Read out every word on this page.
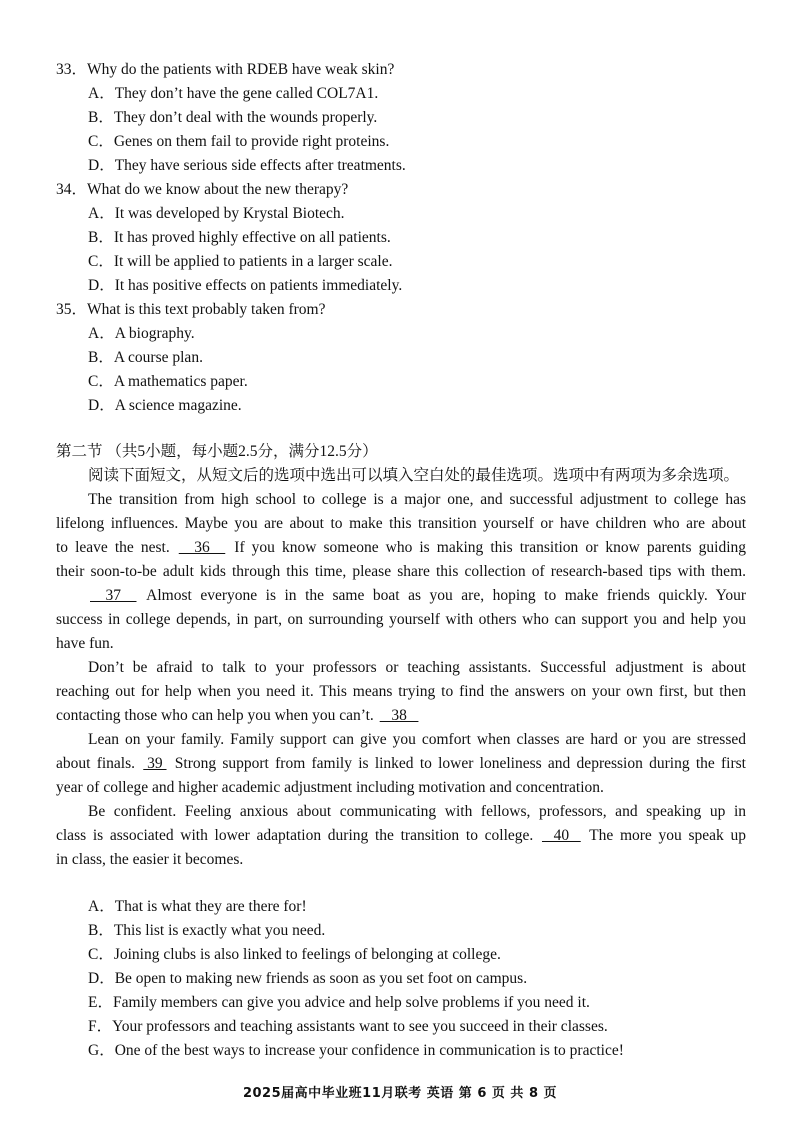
33．Why do the patients with RDEB have weak skin?
A．They don’t have the gene called COL7A1.
B．They don’t deal with the wounds properly.
C．Genes on them fail to provide right proteins.
D．They have serious side effects after treatments.
34．What do we know about the new therapy?
A．It was developed by Krystal Biotech.
B．It has proved highly effective on all patients.
C．It will be applied to patients in a larger scale.
D．It has positive effects on patients immediately.
35．What is this text probably taken from?
A．A biography.
B．A course plan.
C．A mathematics paper.
D．A science magazine.
第二节 （共5小题，每小题2.5分，满分12.5分）
阅读下面短文，从短文后的选项中选出可以填入空白处的最佳选项。选项中有两项为多余选项。
The transition from high school to college is a major one, and successful adjustment to college has
lifelong influences. Maybe you are about to make this transition yourself or have children who are about
to leave the nest.     36     If you know someone who is making this transition or know parents guiding
their soon-to-be adult kids through this time, please share this collection of research-based tips with them.
37     Almost everyone is in the same boat as you are, hoping to make friends quickly. Your
success in college depends, in part, on surrounding yourself with others who can support you and help you
have fun.
Don’t be afraid to talk to your professors or teaching assistants. Successful adjustment is about
reaching out for help when you need it. This means trying to find the answers on your own first, but then
contacting those who can help you when you can’t.    38
Lean on your family. Family support can give you comfort when classes are hard or you are stressed
about finals.  39  Strong support from family is linked to lower loneliness and depression during the first
year of college and higher academic adjustment including motivation and concentration.
Be confident. Feeling anxious about communicating with fellows, professors, and speaking up in
class is associated with lower adaptation during the transition to college.    40    The more you speak up
in class, the easier it becomes.
A．That is what they are there for!
B．This list is exactly what you need.
C．Joining clubs is also linked to feelings of belonging at college.
D．Be open to making new friends as soon as you set foot on campus.
E．Family members can give you advice and help solve problems if you need it.
F．Your professors and teaching assistants want to see you succeed in their classes.
G．One of the best ways to increase your confidence in communication is to practice!
2025届高中毕业班11月联考 英语 第 6 页 共 8 页
